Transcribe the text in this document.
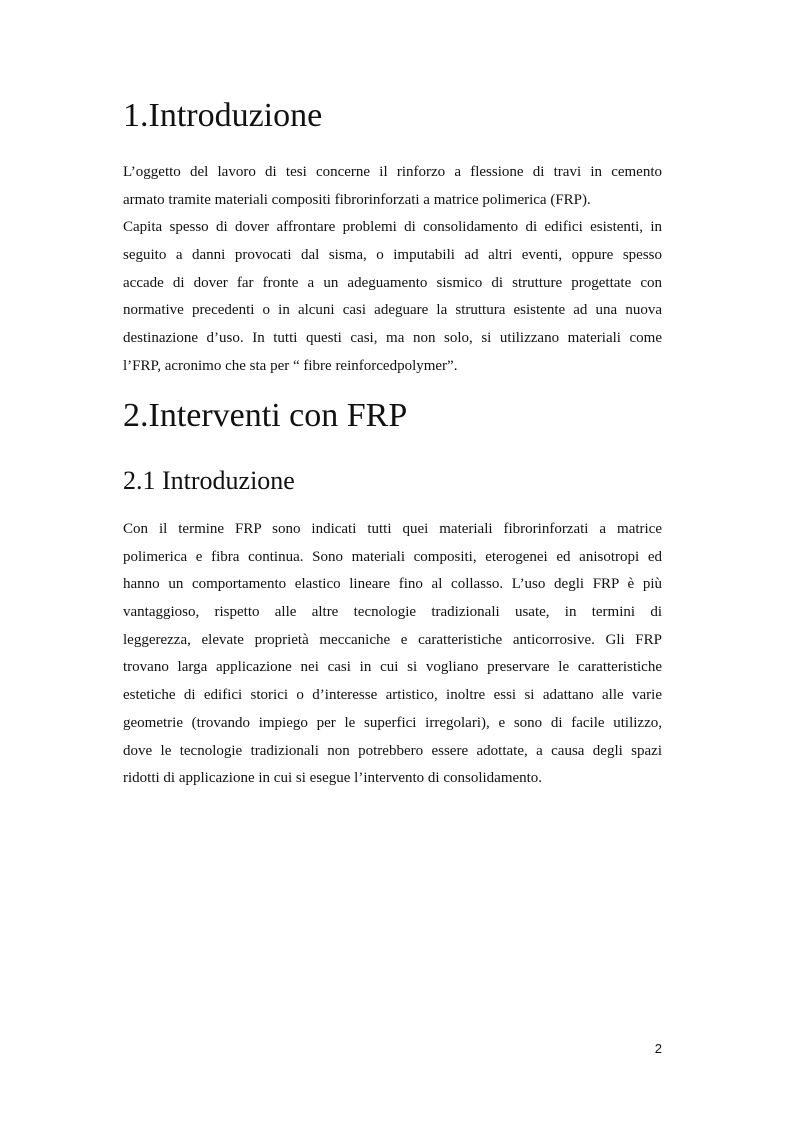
1.Introduzione
L’oggetto del lavoro di tesi concerne il rinforzo a flessione di travi in cemento
armato tramite materiali compositi fibrorinforzati a matrice polimerica (FRP).
Capita spesso di dover affrontare problemi di consolidamento di edifici esistenti, in
seguito a danni provocati dal sisma, o imputabili ad altri eventi, oppure spesso
accade di dover far fronte a un adeguamento sismico di strutture progettate con
normative precedenti o in alcuni casi adeguare la struttura esistente ad una nuova
destinazione d’uso. In tutti questi casi, ma non solo, si utilizzano materiali come
l’FRP, acronimo che sta per “ fibre reinforcedpolymer”.
2.Interventi con FRP
2.1 Introduzione
Con il termine FRP sono indicati tutti quei materiali fibrorinforzati a matrice
polimerica e fibra continua. Sono materiali compositi, eterogenei ed anisotropi ed
hanno un comportamento elastico lineare fino al collasso. L’uso degli FRP è più
vantaggioso, rispetto alle altre tecnologie tradizionali usate, in termini di
leggerezza, elevate proprietà meccaniche e caratteristiche anticorrosive. Gli FRP
trovano larga applicazione nei casi in cui si vogliano preservare le caratteristiche
estetiche di edifici storici o d’interesse artistico, inoltre essi si adattano alle varie
geometrie (trovando impiego per le superfici irregolari), e sono di facile utilizzo,
dove le tecnologie tradizionali non potrebbero essere adottate, a causa degli spazi
ridotti di applicazione in cui si esegue l’intervento di consolidamento.

2
